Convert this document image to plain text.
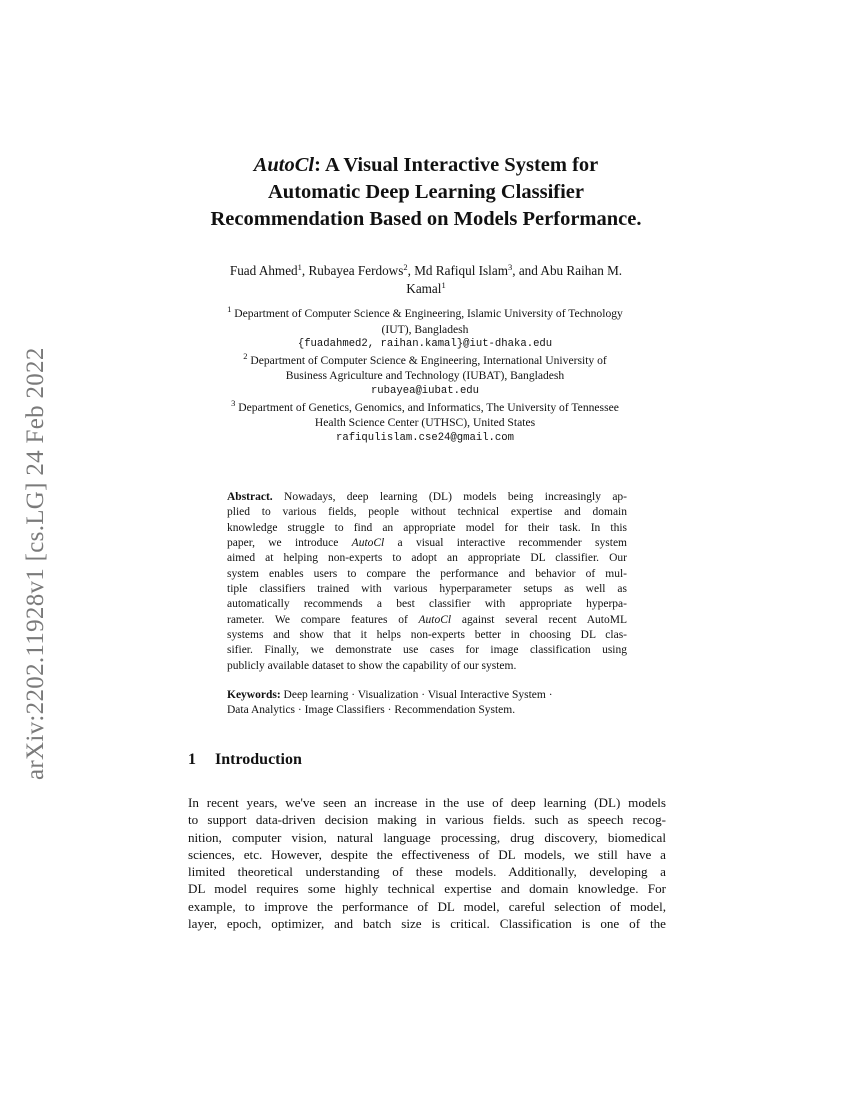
arXiv:2202.11928v1 [cs.LG] 24 Feb 2022
AutoCl: A Visual Interactive System for
Automatic Deep Learning Classifier
Recommendation Based on Models Performance.
Fuad Ahmed$^1$, Rubayea Ferdows$^2$, Md Rafiqul Islam$^3$, and Abu Raihan M.
Kamal$^1$
$^1$ Department of Computer Science & Engineering, Islamic University of Technology
(IUT), Bangladesh
{fuadahmed2, raihan.kamal}@iut-dhaka.edu
$^2$ Department of Computer Science & Engineering, International University of
Business Agriculture and Technology (IUBAT), Bangladesh
rubayea@iubat.edu
$^3$ Department of Genetics, Genomics, and Informatics, The University of Tennessee
Health Science Center (UTHSC), United States
rafiqulislam.cse24@gmail.com
Abstract. Nowadays, deep learning (DL) models being increasingly ap-
plied to various fields, people without technical expertise and domain
knowledge struggle to find an appropriate model for their task. In this
paper, we introduce AutoCl a visual interactive recommender system
aimed at helping non-experts to adopt an appropriate DL classifier. Our
system enables users to compare the performance and behavior of mul-
tiple classifiers trained with various hyperparameter setups as well as
automatically recommends a best classifier with appropriate hyperpa-
rameter. We compare features of AutoCl against several recent AutoML
systems and show that it helps non-experts better in choosing DL clas-
sifier. Finally, we demonstrate use cases for image classification using
publicly available dataset to show the capability of our system.
Keywords: Deep learning · Visualization · Visual Interactive System ·
Data Analytics · Image Classifiers · Recommendation System.
1 Introduction
In recent years, we've seen an increase in the use of deep learning (DL) models
to support data-driven decision making in various fields. such as speech recog-
nition, computer vision, natural language processing, drug discovery, biomedical
sciences, etc. However, despite the effectiveness of DL models, we still have a
limited theoretical understanding of these models. Additionally, developing a
DL model requires some highly technical expertise and domain knowledge. For
example, to improve the performance of DL model, careful selection of model,
layer, epoch, optimizer, and batch size is critical. Classification is one of the
